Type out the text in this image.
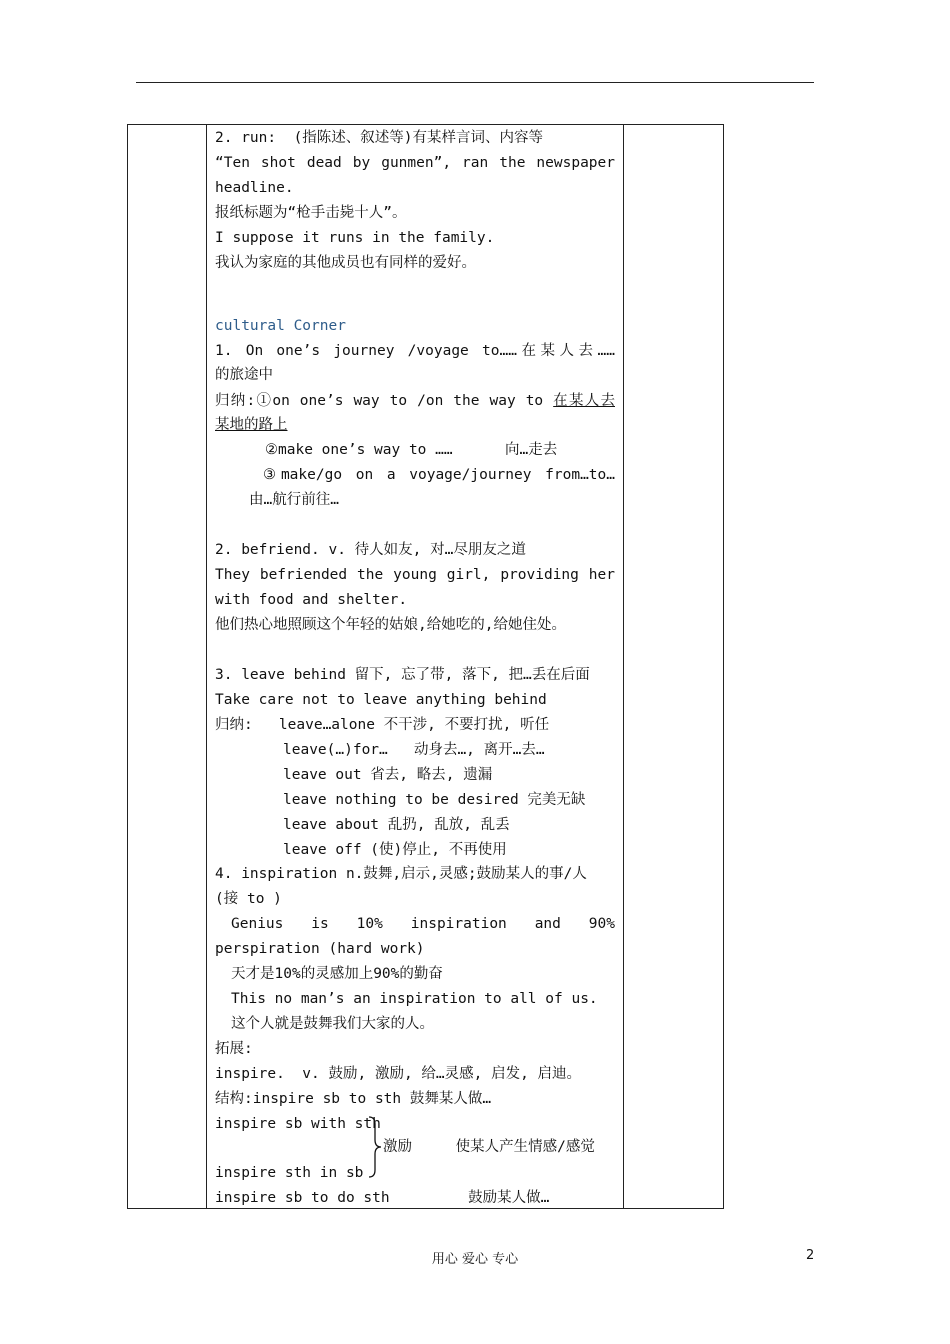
2. run:  (指陈述、叙述等)有某样言词、内容等
“Ten shot dead by gunmen”, ran the newspaper
headline.
报纸标题为“枪手击毙十人”。
I suppose it runs in the family.
我认为家庭的其他成员也有同样的爱好。
cultural Corner
1. On one’s journey /voyage to……在某人去……
的旅途中
归纳:①on one’s way to /on the way to 在某人去
某地的路上
②make one’s way to ……      向…走去
③make/go on a voyage/journey from…to…
由…航行前往…
2. befriend. v. 待人如友, 对…尽朋友之道
They befriended the young girl, providing her
with food and shelter.
他们热心地照顾这个年轻的姑娘,给她吃的,给她住处。
3. leave behind 留下, 忘了带, 落下, 把…丢在后面
Take care not to leave anything behind
归纳:   leave…alone 不干涉, 不要打扰, 听任
leave(…)for…   动身去…, 离开…去…
leave out 省去, 略去, 遗漏
leave nothing to be desired 完美无缺
leave about 乱扔, 乱放, 乱丢
leave off (使)停止, 不再使用
4. inspiration n.鼓舞,启示,灵感;鼓励某人的事/人
(接 to )
Genius  is  10%  inspiration  and  90%
perspiration (hard work)
天才是10%的灵感加上90%的勤奋
This no man’s an inspiration to all of us.
这个人就是鼓舞我们大家的人。
拓展:
inspire.  v. 鼓励, 激励, 给…灵感, 启发, 启迪。
结构:inspire sb to sth 鼓舞某人做…
inspire sb with sth
激励     使某人产生情感/感觉
inspire sth in sb
inspire sb to do sth         鼓励某人做…
用心 爱心 专心	2
